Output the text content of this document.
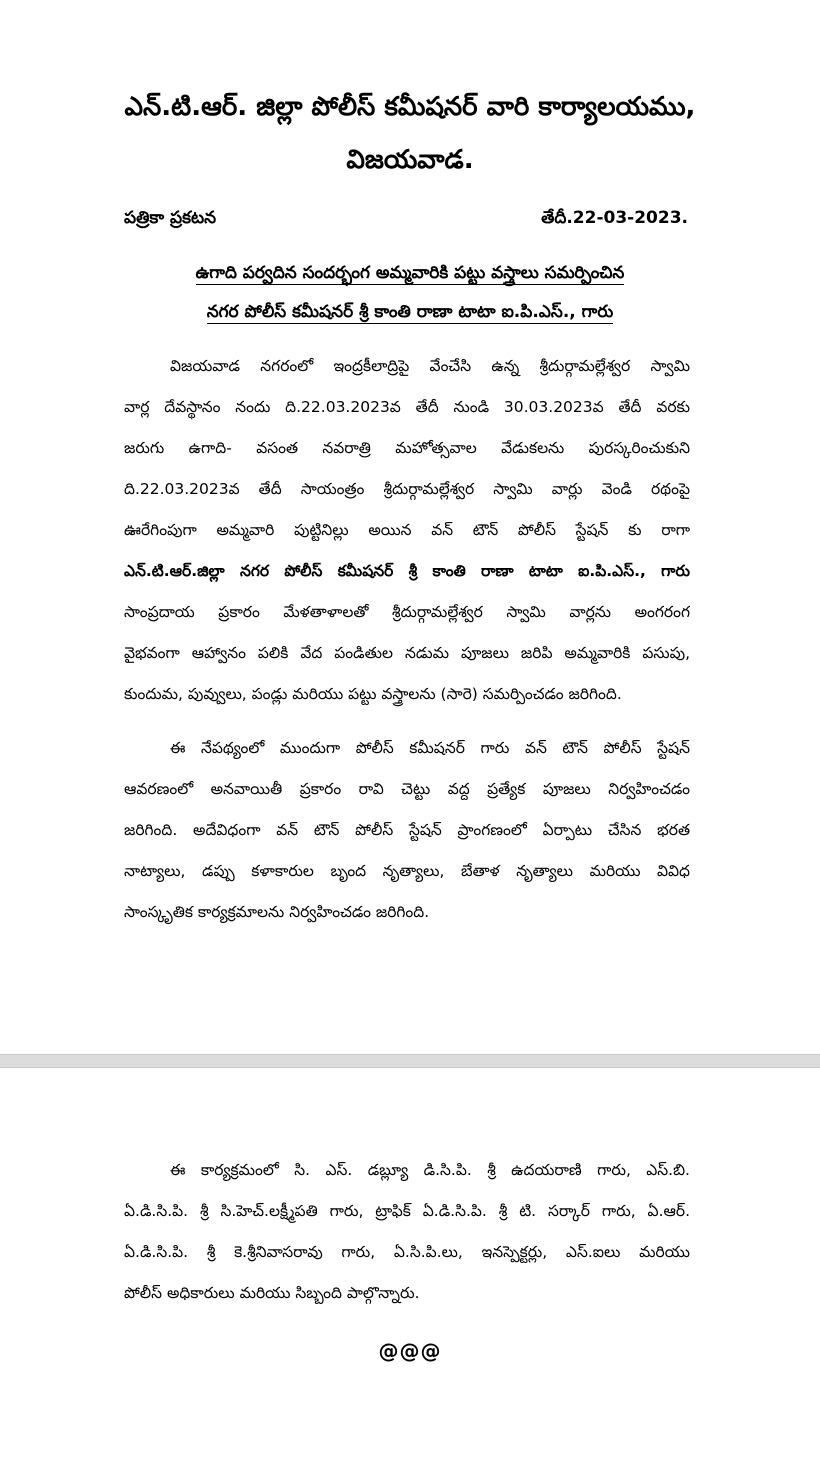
ఎన్.టి.ఆర్. జిల్లా పోలీస్ కమీషనర్ వారి కార్యాలయము,
విజయవాడ.
పత్రికా ప్రకటన	తేదీ.22-03-2023.
ఉగాది పర్వదిన సందర్భంగ అమ్మవారికి పట్టు వస్త్రాలు సమర్పించిన
నగర పోలీస్ కమీషనర్ శ్రీ కాంతి రాణా టాటా ఐ.పి.ఎస్., గారు
విజయవాడ నగరంలో ఇంద్రకీలాద్రిపై వేంచేసి ఉన్న శ్రీదుర్గామల్లేశ్వర స్వామి
వార్ల దేవస్థానం నందు ది.22.03.2023వ తేదీ నుండి 30.03.2023వ తేదీ వరకు
జరుగు ఉగాది- వసంత నవరాత్రి మహోత్సవాల వేడుకలను పురస్కరించుకుని
ది.22.03.2023వ తేదీ సాయంత్రం శ్రీదుర్గామల్లేశ్వర స్వామి వార్లు వెండి రథంపై
ఊరేగింపుగా అమ్మవారి పుట్టినిల్లు అయిన వన్ టౌన్ పోలీస్ స్టేషన్ కు రాగా
ఎన్.టి.ఆర్.జిల్లా నగర పోలీస్ కమీషనర్ శ్రీ కాంతి రాణా టాటా ఐ.పి.ఎస్., గారు
సాంప్రదాయ ప్రకారం మేళతాళాలతో శ్రీదుర్గామల్లేశ్వర స్వామి వార్లను అంగరంగ
వైభవంగా ఆహ్వానం పలికి వేద పండితుల నడుమ పూజలు జరిపి అమ్మవారికి పసుపు,
కుందుమ, పువ్వులు, పండ్లు మరియు పట్టు వస్త్రాలను (సారె) సమర్పించడం జరిగింది.
ఈ నేపథ్యంలో ముందుగా పోలీస్ కమీషనర్ గారు వన్ టౌన్ పోలీస్ స్టేషన్
ఆవరణంలో అనవాయితీ ప్రకారం రావి చెట్టు వద్ద ప్రత్యేక పూజలు నిర్వహించడం
జరిగింది. అదేవిధంగా వన్ టౌన్ పోలీస్ స్టేషన్ ప్రాంగణంలో ఏర్పాటు చేసిన భరత
నాట్యాలు, డప్పు కళాకారుల బృంద నృత్యాలు, బేతాళ నృత్యాలు మరియు వివిధ
సాంస్కృతిక కార్యక్రమాలను నిర్వహించడం జరిగింది.
ఈ కార్యక్రమంలో సి. ఎస్. డబ్ల్యూ డి.సి.పి. శ్రీ ఉదయరాణి గారు, ఎస్.బి.
ఏ.డి.సి.పి. శ్రీ సి.హెచ్.లక్ష్మీపతి గారు, ట్రాఫిక్ ఏ.డి.సి.పి. శ్రీ టి. సర్కార్ గారు, ఏ.ఆర్.
ఏ.డి.సి.పి. శ్రీ కె.శ్రీనివాసరావు గారు, ఏ.సి.పి.లు, ఇనస్పెక్టర్లు, ఎస్.ఐలు మరియు
పోలీస్ అధికారులు మరియు సిబ్బంది పాల్గొన్నారు.
@@@
